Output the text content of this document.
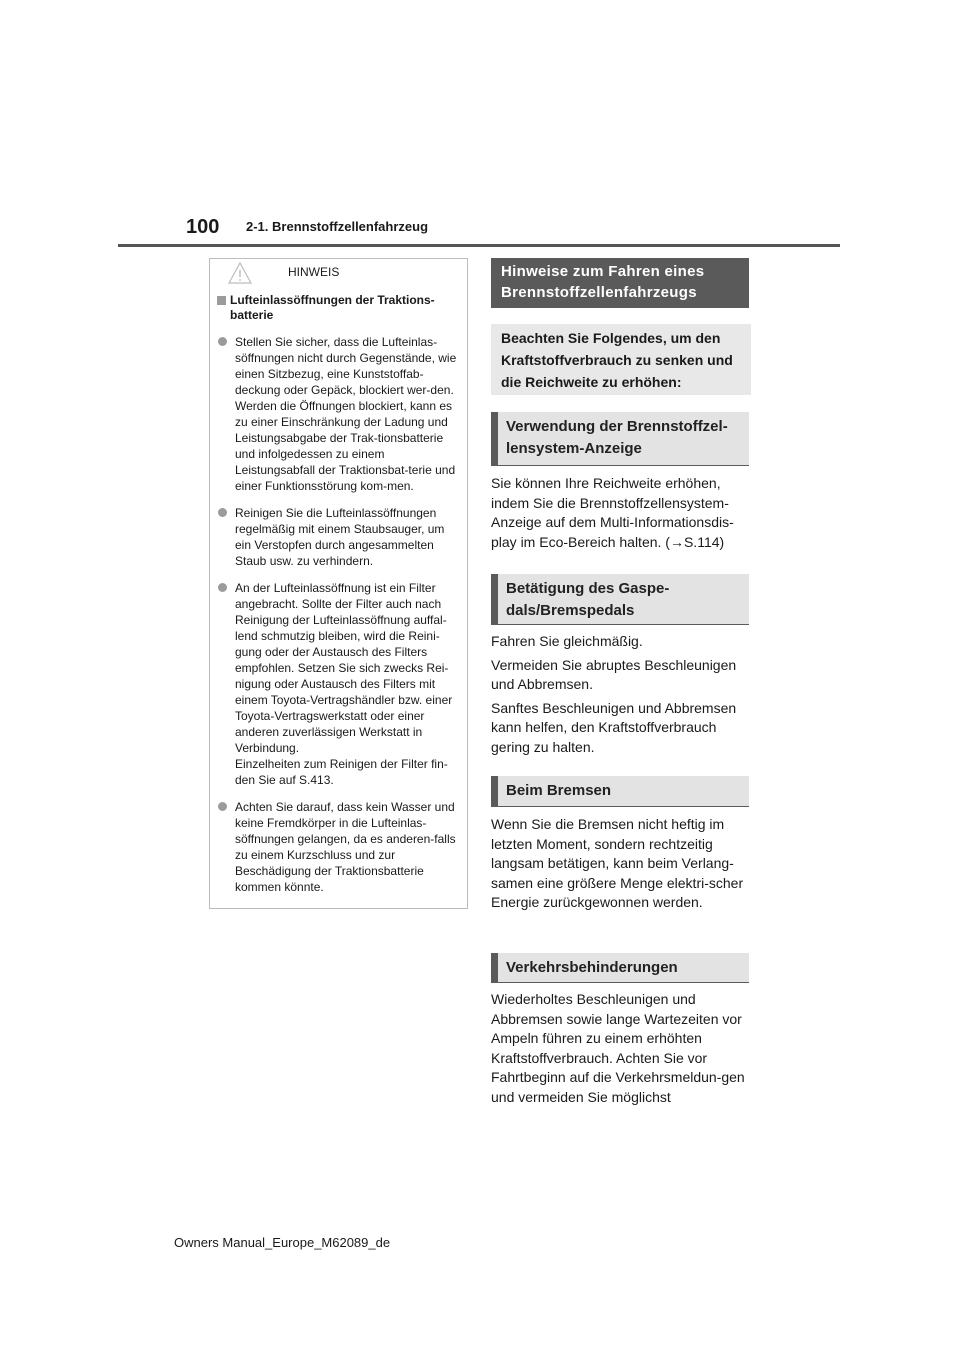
100 2-1. Brennstoffzellenfahrzeug
HINWEIS
Lufteinlassöffnungen der Traktions-batterie
Stellen Sie sicher, dass die Lufteinlas-söffnungen nicht durch Gegenstände, wie einen Sitzbezug, eine Kunststoffab-deckung oder Gepäck, blockiert wer-den. Werden die Öffnungen blockiert, kann es zu einer Einschränkung der Ladung und Leistungsabgabe der Trak-tionsbatterie und infolgedessen zu einem Leistungsabfall der Traktionsbat-terie und einer Funktionsstörung kom-men.
Reinigen Sie die Lufteinlassöffnungen regelmäßig mit einem Staubsauger, um ein Verstopfen durch angesammelten Staub usw. zu verhindern.
An der Lufteinlassöffnung ist ein Filter angebracht. Sollte der Filter auch nach Reinigung der Lufteinlassöffnung auffal-lend schmutzig bleiben, wird die Reini-gung oder der Austausch des Filters empfohlen. Setzen Sie sich zwecks Rei-nigung oder Austausch des Filters mit einem Toyota-Vertragshändler bzw. einer Toyota-Vertragswerkstatt oder einer anderen zuverlässigen Werkstatt in Verbindung.
Einzelheiten zum Reinigen der Filter fin-den Sie auf S.413.
Achten Sie darauf, dass kein Wasser und keine Fremdkörper in die Lufteinlas-söffnungen gelangen, da es anderen-falls zu einem Kurzschluss und zur Beschädigung der Traktionsbatterie kommen könnte.
Hinweise zum Fahren eines Brennstoffzellenfahrzeugs
Beachten Sie Folgendes, um den Kraftstoffverbrauch zu senken und die Reichweite zu erhöhen:
Verwendung der Brennstoffzel-lensystem-Anzeige

Sie können Ihre Reichweite erhöhen, indem Sie die Brennstoffzellensystem-Anzeige auf dem Multi-Informationsdis-play im Eco-Bereich halten. (→S.114)

Betätigung des Gaspe-dals/Bremspedals

Fahren Sie gleichmäßig.

Vermeiden Sie abruptes Beschleunigen und Abbremsen.

Sanftes Beschleunigen und Abbremsen kann helfen, den Kraftstoffverbrauch gering zu halten.

Beim Bremsen

Wenn Sie die Bremsen nicht heftig im letzten Moment, sondern rechtzeitig langsam betätigen, kann beim Verlang-samen eine größere Menge elektri-scher Energie zurückgewonnen werden.

Verkehrsbehinderungen

Wiederholtes Beschleunigen und Abbremsen sowie lange Wartezeiten vor Ampeln führen zu einem erhöhten Kraftstoffverbrauch. Achten Sie vor Fahrtbeginn auf die Verkehrsmeldun-gen und vermeiden Sie möglichst

Owners Manual_Europe_M62089_de
